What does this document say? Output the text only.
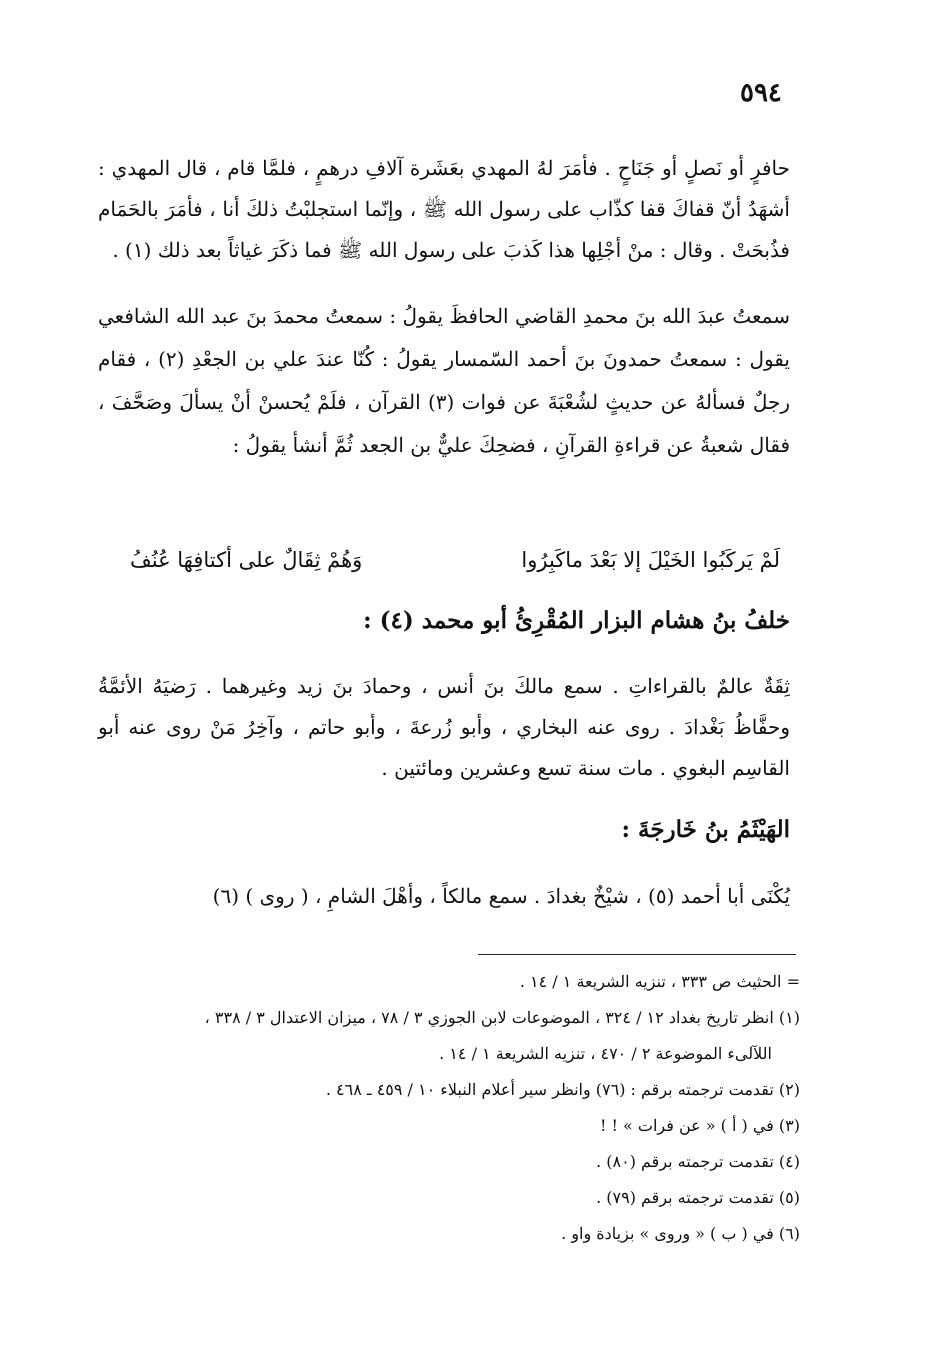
٥٩٤

حافرٍ أو نَصلٍ أو جَنَاحٍ . فأمَرَ لهُ المهدي بعَشَرة آلافِ درهمٍ ، فلمَّا قام ، قال المهدي : أشهَدُ أنّ قفاكَ قفا كذّاب على رسول الله ﷺ ، وإنّما استجلبْتُ ذلكَ أنا ، فأمَرَ بالحَمَام فذُبحَتْ . وقال : منْ أجْلِها هذا كَذبَ على رسول الله ﷺ فما ذكَرَ غياثاً بعد ذلك (١) .

سمعتُ عبدَ الله بنَ محمدِ القاضي الحافظَ يقولُ : سمعتُ محمدَ بنَ عبد الله الشافعي يقول : سمعتُ حمدونَ بنَ أحمد السّمسار يقولُ : كُنّا عندَ علي بن الجعْدِ (٢) ، فقام رجلٌ فسألهُ عن حديثٍ لشُعْبَةَ عن فوات (٣) القرآن ، فلَمْ يُحسنْ أنْ يسألَ وصَحَّفَ ، فقال شعبةُ عن قراءةِ القرآنِ ، فضحِكَ عليٌّ بن الجعد ثُمَّ أنشأ يقولُ :

لَمْ يَركَبُوا الخَيْلَ إلا بَعْدَ ماكَبِرُوا
وَهُمْ ثِقَالٌ على أكتافِهَا عُنُفُ
خلفُ بنُ هشام البزار المُقْرِئُ أبو محمد (٤) :

ثِقَةٌ عالمٌ بالقراءاتِ . سمع مالكَ بنَ أنس ، وحمادَ بنَ زيد وغيرهما . رَضيَهُ الأئمَّةُ وحفَّاظُ بَغْدادَ . روى عنه البخاري ، وأبو زُرعةَ ، وأبو حاتم ، وآخِرُ مَنْ روى عنه أبو القاسِم البغوي . مات سنة تسع وعشرين ومائتين .

الهَيْثَمُ بنُ خَارجَةَ :

يُكْنَى أبا أحمد (٥) ، شيْخٌ بغدادَ . سمع مالكاً ، وأهْلَ الشامِ ، ( روى ) (٦)

= الحثيث ص ٣٣٣ ، تنزيه الشريعة ١ / ١٤ .

(١) انظر تاريخ بغداد ١٢ / ٣٢٤ ، الموضوعات لابن الجوزي ٣ / ٧٨ ، ميزان الاعتدال ٣ / ٣٣٨ ،

اللآلىء الموضوعة ٢ / ٤٧٠ ، تنزيه الشريعة ١ / ١٤ .

(٢) تقدمت ترجمته برقم : (٧٦) وانظر سير أعلام النبلاء ١٠ / ٤٥٩ ـ ٤٦٨ .

(٣) في ( أ ) « عن فرات » ! !

(٤) تقدمت ترجمته برقم (٨٠) .

(٥) تقدمت ترجمته برقم (٧٩) .

(٦) في ( ب ) « وروى » بزيادة واو .
